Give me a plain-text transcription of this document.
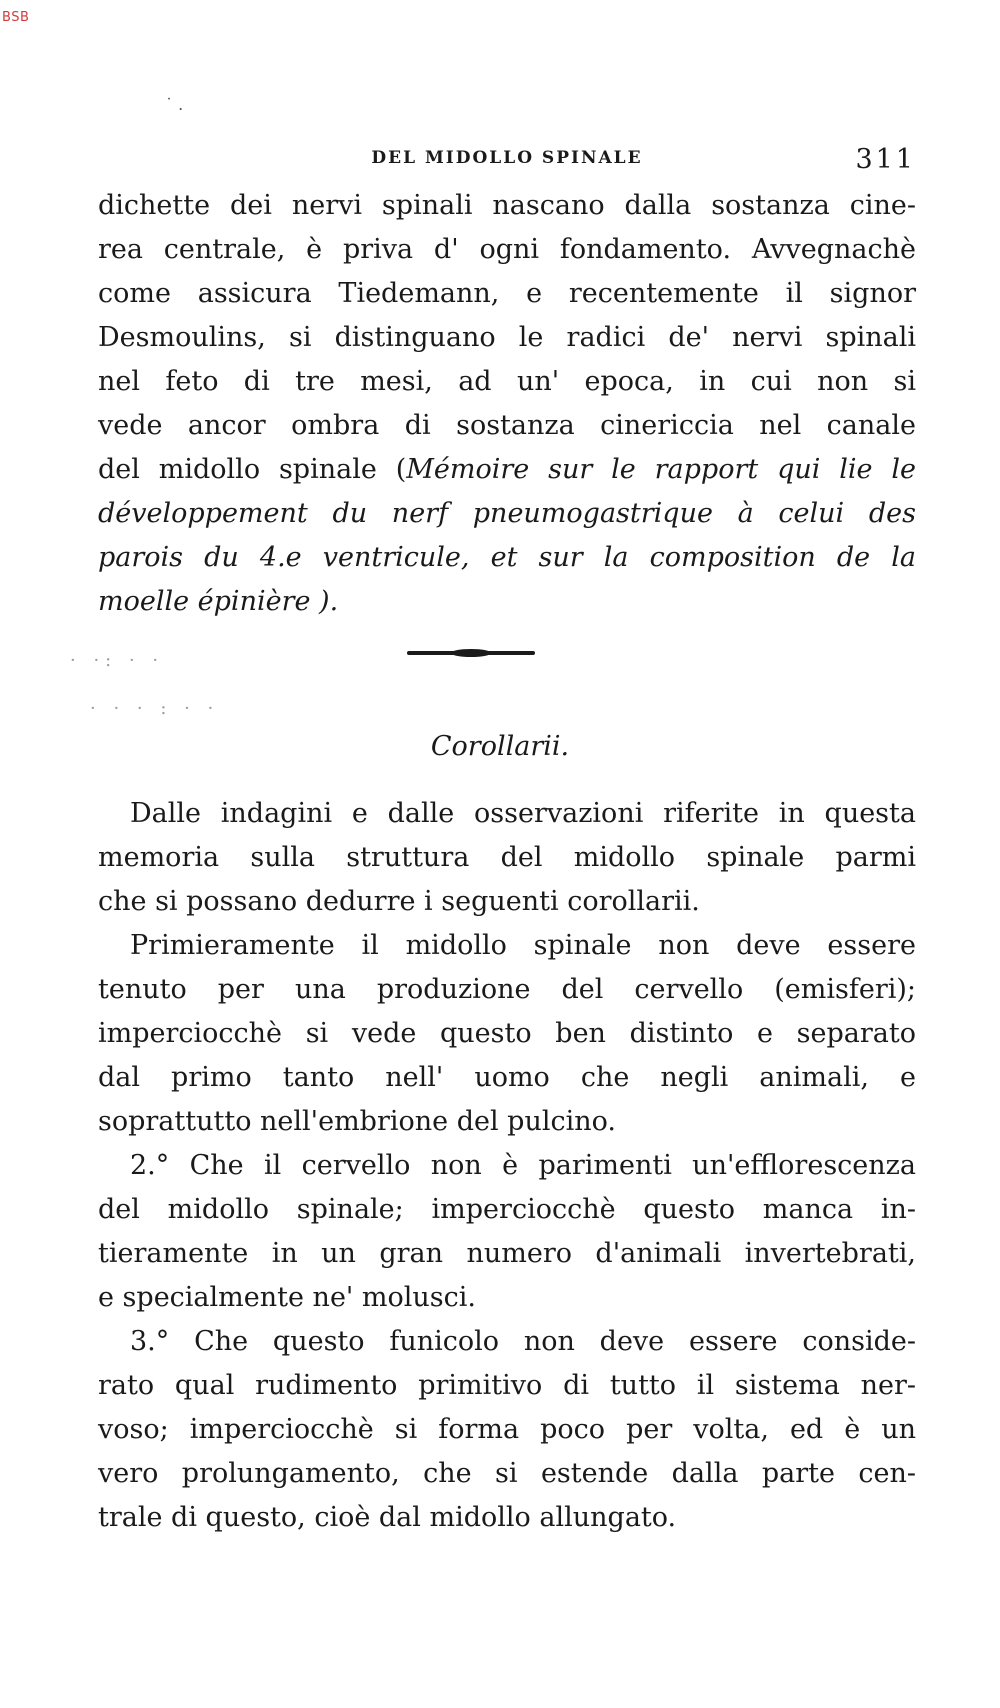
BSB
˙ .
DEL MIDOLLO SPINALE	311
dichette dei nervi spinali nascano dalla sostanza cine-
rea centrale, è priva d' ogni fondamento. Avvegnachè
come assicura Tiedemann, e recentemente il signor
Desmoulins, si distinguano le radici de' nervi spinali
nel feto di tre mesi, ad un' epoca, in cui non si
vede ancor ombra di sostanza cinericcia nel canale
del midollo spinale (Mémoire sur le rapport qui lie le
développement du nerf pneumogastrique à celui des
parois du 4.e ventricule, et sur la composition de la
moelle épinière ).
· ·: · ·
· · · : · ·
Corollarii.
Dalle indagini e dalle osservazioni riferite in questa
memoria sulla struttura del midollo spinale parmi
che si possano dedurre i seguenti corollarii.
Primieramente il midollo spinale non deve essere
tenuto per una produzione del cervello (emisferi);
imperciocchè si vede questo ben distinto e separato
dal primo tanto nell' uomo che negli animali, e
soprattutto nell'embrione del pulcino.
2.° Che il cervello non è parimenti un'efflorescenza
del midollo spinale; imperciocchè questo manca in-
tieramente in un gran numero d'animali invertebrati,
e specialmente ne' molusci.
3.° Che questo funicolo non deve essere conside-
rato qual rudimento primitivo di tutto il sistema ner-
voso; imperciocchè si forma poco per volta, ed è un
vero prolungamento, che si estende dalla parte cen-
trale di questo, cioè dal midollo allungato.
